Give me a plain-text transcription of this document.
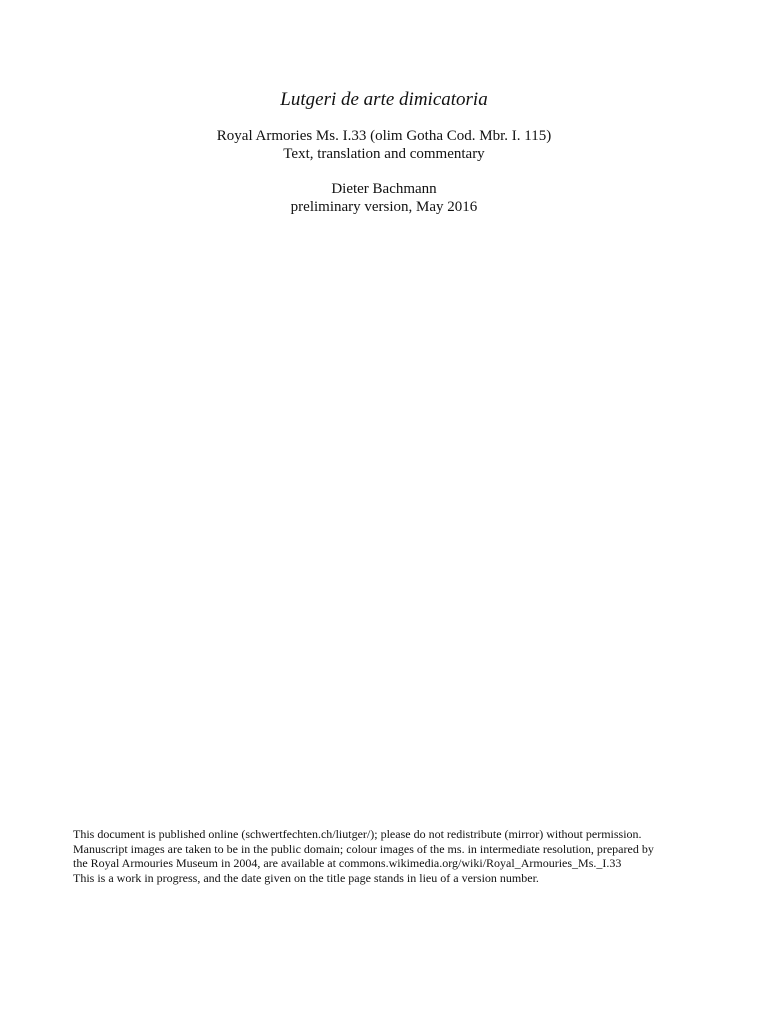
Lutgeri de arte dimicatoria
Royal Armories Ms. I.33 (olim Gotha Cod. Mbr. I. 115)
Text, translation and commentary
Dieter Bachmann
preliminary version, May 2016
This document is published online (schwertfechten.ch/liutger/); please do not redistribute (mirror) without permission.
Manuscript images are taken to be in the public domain; colour images of the ms. in intermediate resolution, prepared by
the Royal Armouries Museum in 2004, are available at commons.wikimedia.org/wiki/Royal_Armouries_Ms._I.33
This is a work in progress, and the date given on the title page stands in lieu of a version number.
